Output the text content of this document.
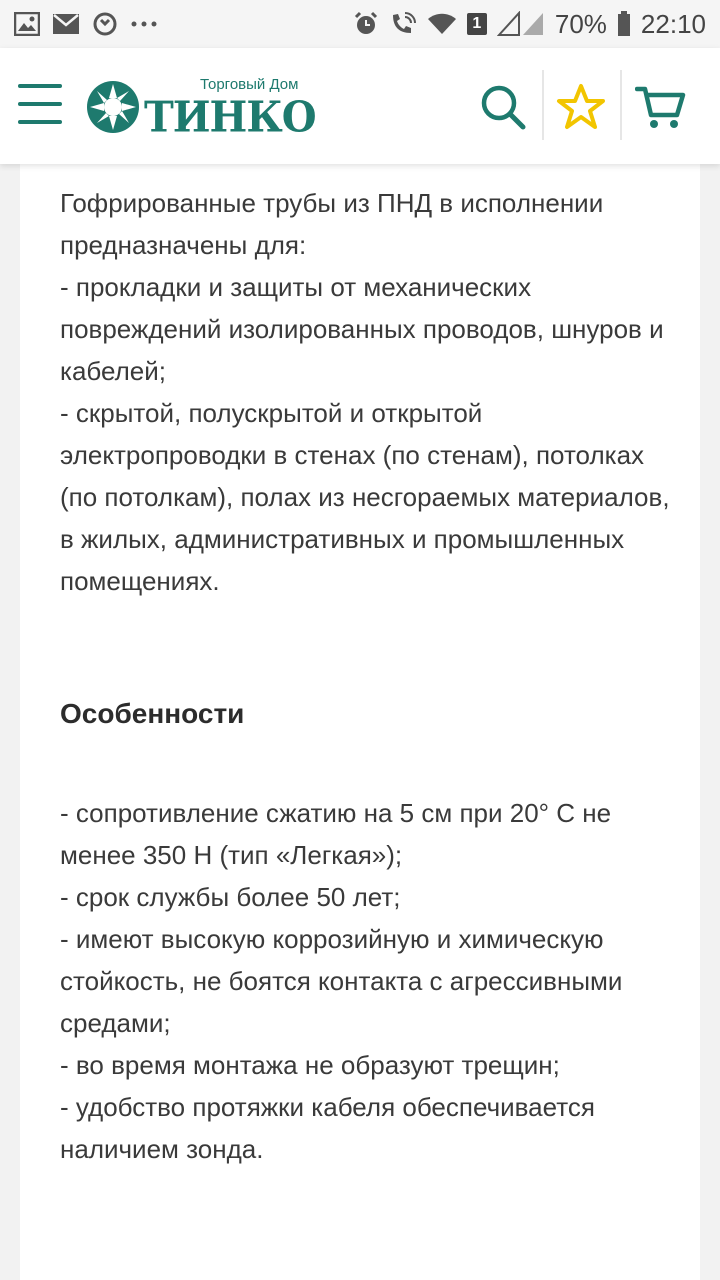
1	70% 22:10
Торговый Дом
ТИНКО
Гофрированные трубы из ПНД в исполнении предназначены для:
- прокладки и защиты от механических повреждений изолированных проводов, шнуров и кабелей;
- скрытой, полускрытой и открытой электропроводки в стенах (по стенам), потолках (по потолкам), полах из несгораемых материалов, в жилых, административных и промышленных помещениях.
Особенности
- сопротивление сжатию на 5 см при 20° С не менее 350 Н (тип «Легкая»);
- срок службы более 50 лет;
- имеют высокую коррозийную и химическую стойкость, не боятся контакта с агрессивными средами;
- во время монтажа не образуют трещин;
- удобство протяжки кабеля обеспечивается наличием зонда.
